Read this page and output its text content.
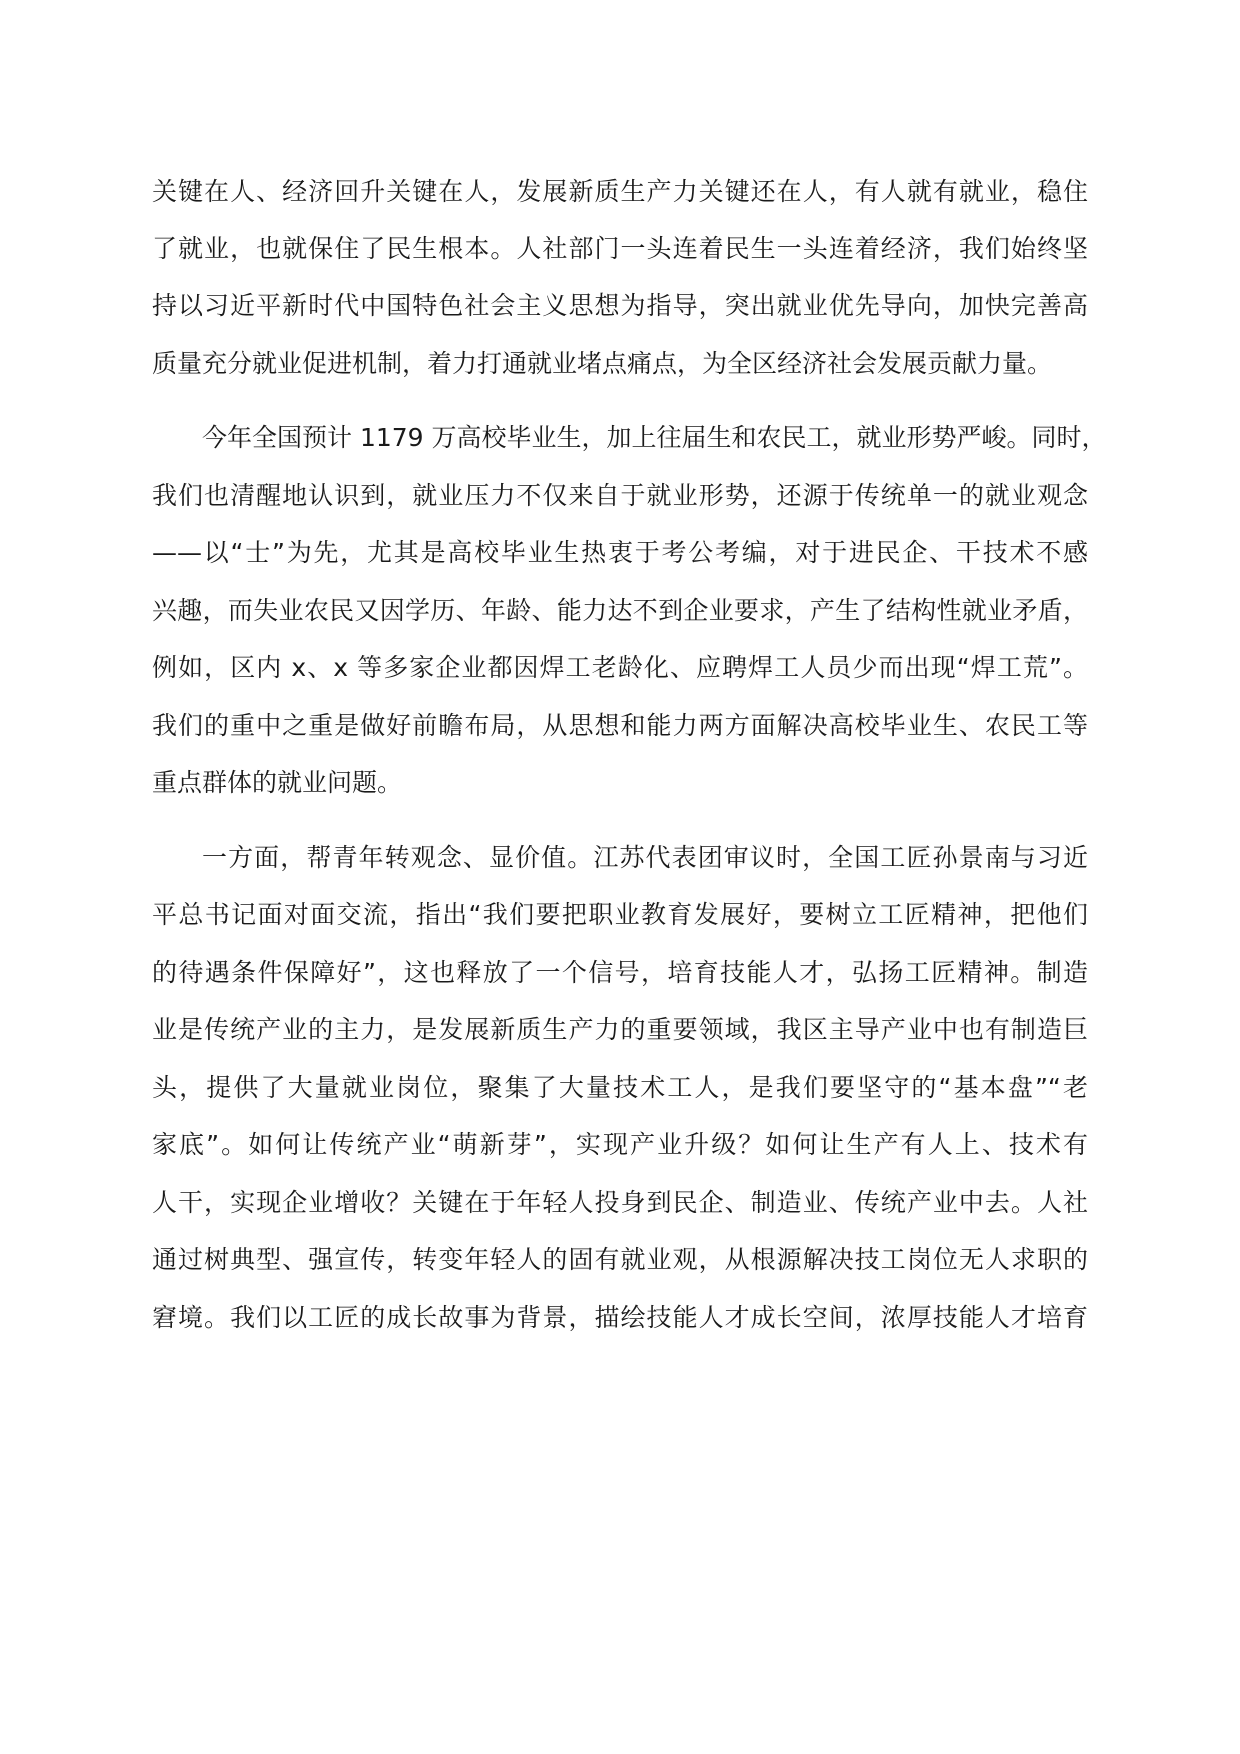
关键在人、经济回升关键在人，发展新质生产力关键还在人，有人就有就业，稳住

了就业，也就保住了民生根本。人社部门一头连着民生一头连着经济，我们始终坚

持以习近平新时代中国特色社会主义思想为指导，突出就业优先导向，加快完善高

质量充分就业促进机制，着力打通就业堵点痛点，为全区经济社会发展贡献力量。

今年全国预计 1179 万高校毕业生，加上往届生和农民工，就业形势严峻。同时，

我们也清醒地认识到，就业压力不仅来自于就业形势，还源于传统单一的就业观念

——以“士”为先，尤其是高校毕业生热衷于考公考编，对于进民企、干技术不感

兴趣，而失业农民又因学历、年龄、能力达不到企业要求，产生了结构性就业矛盾，

例如，区内 x、x 等多家企业都因焊工老龄化、应聘焊工人员少而出现“焊工荒”。

我们的重中之重是做好前瞻布局，从思想和能力两方面解决高校毕业生、农民工等

重点群体的就业问题。

一方面，帮青年转观念、显价值。江苏代表团审议时，全国工匠孙景南与习近

平总书记面对面交流，指出“我们要把职业教育发展好，要树立工匠精神，把他们

的待遇条件保障好”，这也释放了一个信号，培育技能人才，弘扬工匠精神。制造

业是传统产业的主力，是发展新质生产力的重要领域，我区主导产业中也有制造巨

头，提供了大量就业岗位，聚集了大量技术工人，是我们要坚守的“基本盘”“老

家底”。如何让传统产业“萌新芽”，实现产业升级？如何让生产有人上、技术有

人干，实现企业增收？关键在于年轻人投身到民企、制造业、传统产业中去。人社

通过树典型、强宣传，转变年轻人的固有就业观，从根源解决技工岗位无人求职的

窘境。我们以工匠的成长故事为背景，描绘技能人才成长空间，浓厚技能人才培育
